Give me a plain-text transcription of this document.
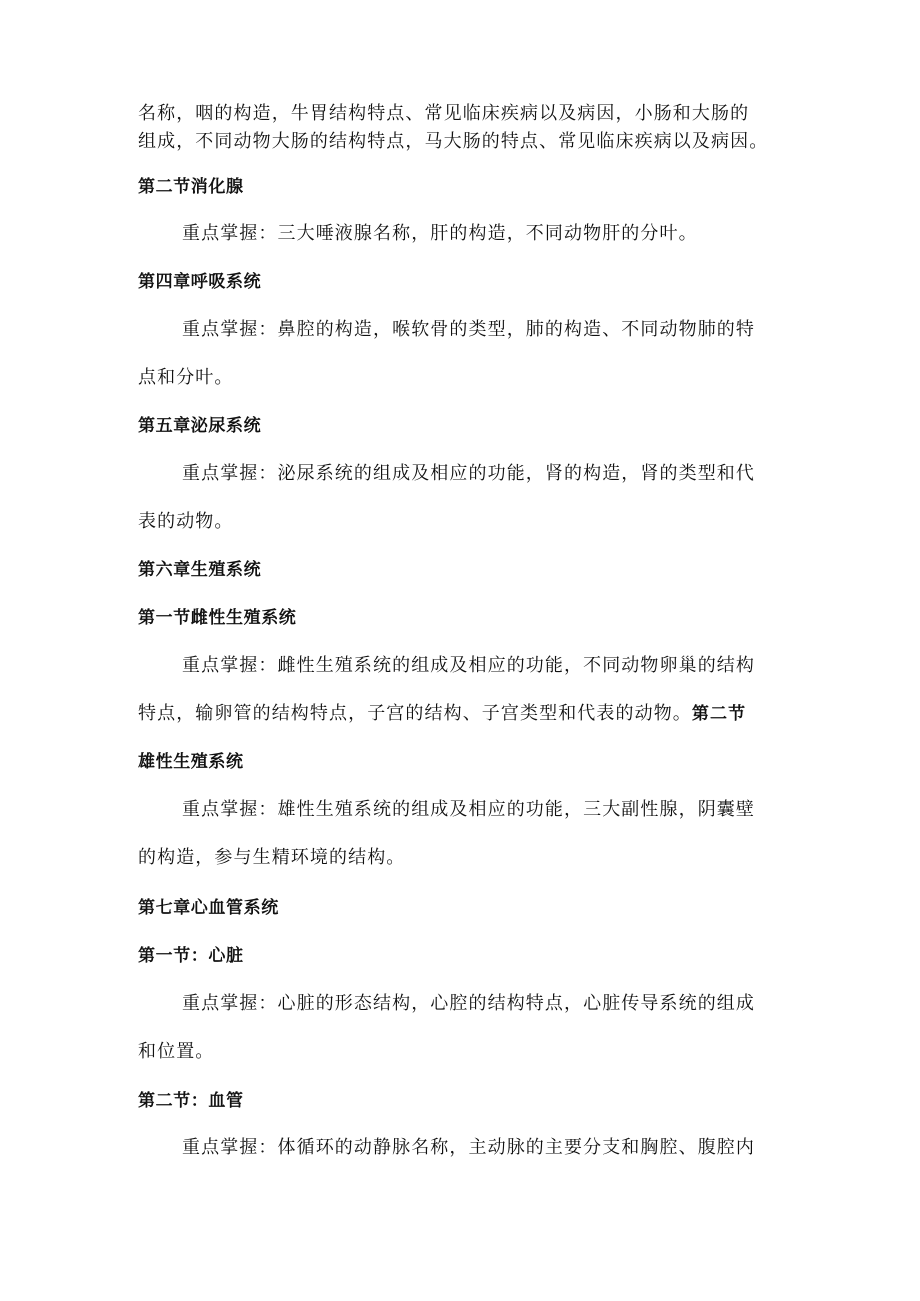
名称，咽的构造，牛胃结构特点、常见临床疾病以及病因，小肠和大肠的
组成，不同动物大肠的结构特点，马大肠的特点、常见临床疾病以及病因。
第二节消化腺
重点掌握：三大唾液腺名称，肝的构造，不同动物肝的分叶。
第四章呼吸系统
重点掌握：鼻腔的构造，喉软骨的类型，肺的构造、不同动物肺的特
点和分叶。
第五章泌尿系统
重点掌握：泌尿系统的组成及相应的功能，肾的构造，肾的类型和代
表的动物。
第六章生殖系统
第一节雌性生殖系统
重点掌握：雌性生殖系统的组成及相应的功能，不同动物卵巢的结构
特点，输卵管的结构特点，子宫的结构、子宫类型和代表的动物。第二节
雄性生殖系统
重点掌握：雄性生殖系统的组成及相应的功能，三大副性腺，阴囊壁
的构造，参与生精环境的结构。
第七章心血管系统
第一节：心脏
重点掌握：心脏的形态结构，心腔的结构特点，心脏传导系统的组成
和位置。
第二节：血管
重点掌握：体循环的动静脉名称，主动脉的主要分支和胸腔、腹腔内
